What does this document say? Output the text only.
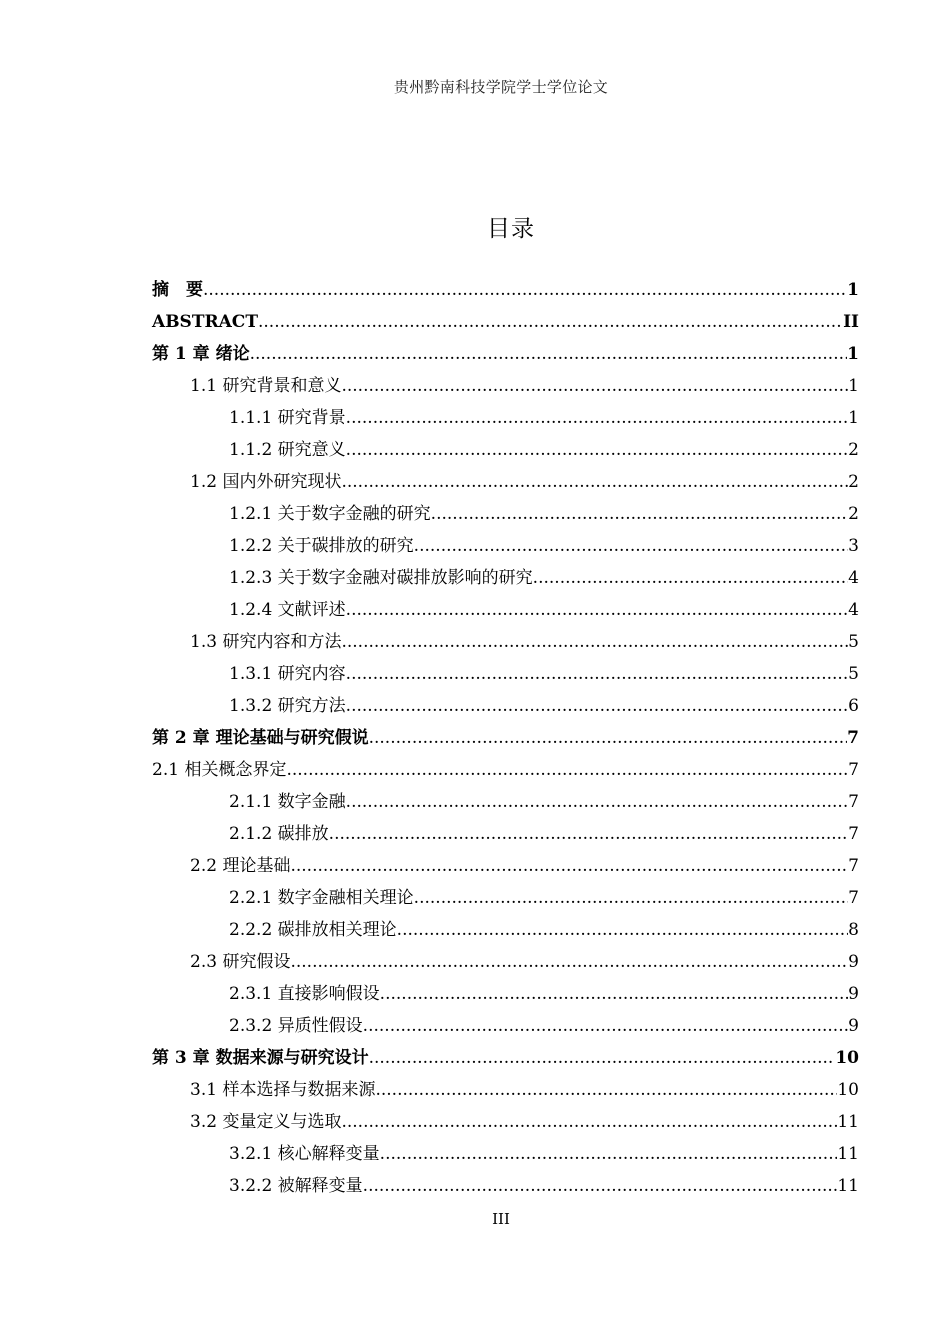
贵州黔南科技学院学士学位论文
目录
摘　要 .....	1
ABSTRACT .....	II
第 1 章 绪论 .....	1
1.1 研究背景和意义 .....	1
1.1.1 研究背景 .....	1
1.1.2 研究意义 .....	2
1.2 国内外研究现状 .....	2
1.2.1 关于数字金融的研究 .....	2
1.2.2 关于碳排放的研究 .....	3
1.2.3 关于数字金融对碳排放影响的研究 .....	4
1.2.4 文献评述 .....	4
1.3 研究内容和方法 .....	5
1.3.1 研究内容 .....	5
1.3.2 研究方法 .....	6
第 2 章 理论基础与研究假说 .....	7
2.1 相关概念界定 .....	7
2.1.1 数字金融 .....	7
2.1.2 碳排放 .....	7
2.2 理论基础 .....	7
2.2.1 数字金融相关理论 .....	7
2.2.2 碳排放相关理论 .....	8
2.3 研究假设 .....	9
2.3.1 直接影响假设 .....	9
2.3.2 异质性假设 .....	9
第 3 章 数据来源与研究设计 .....	10
3.1 样本选择与数据来源 .....	10
3.2 变量定义与选取 .....	11
3.2.1 核心解释变量 .....	11
3.2.2 被解释变量 .....	11
III
